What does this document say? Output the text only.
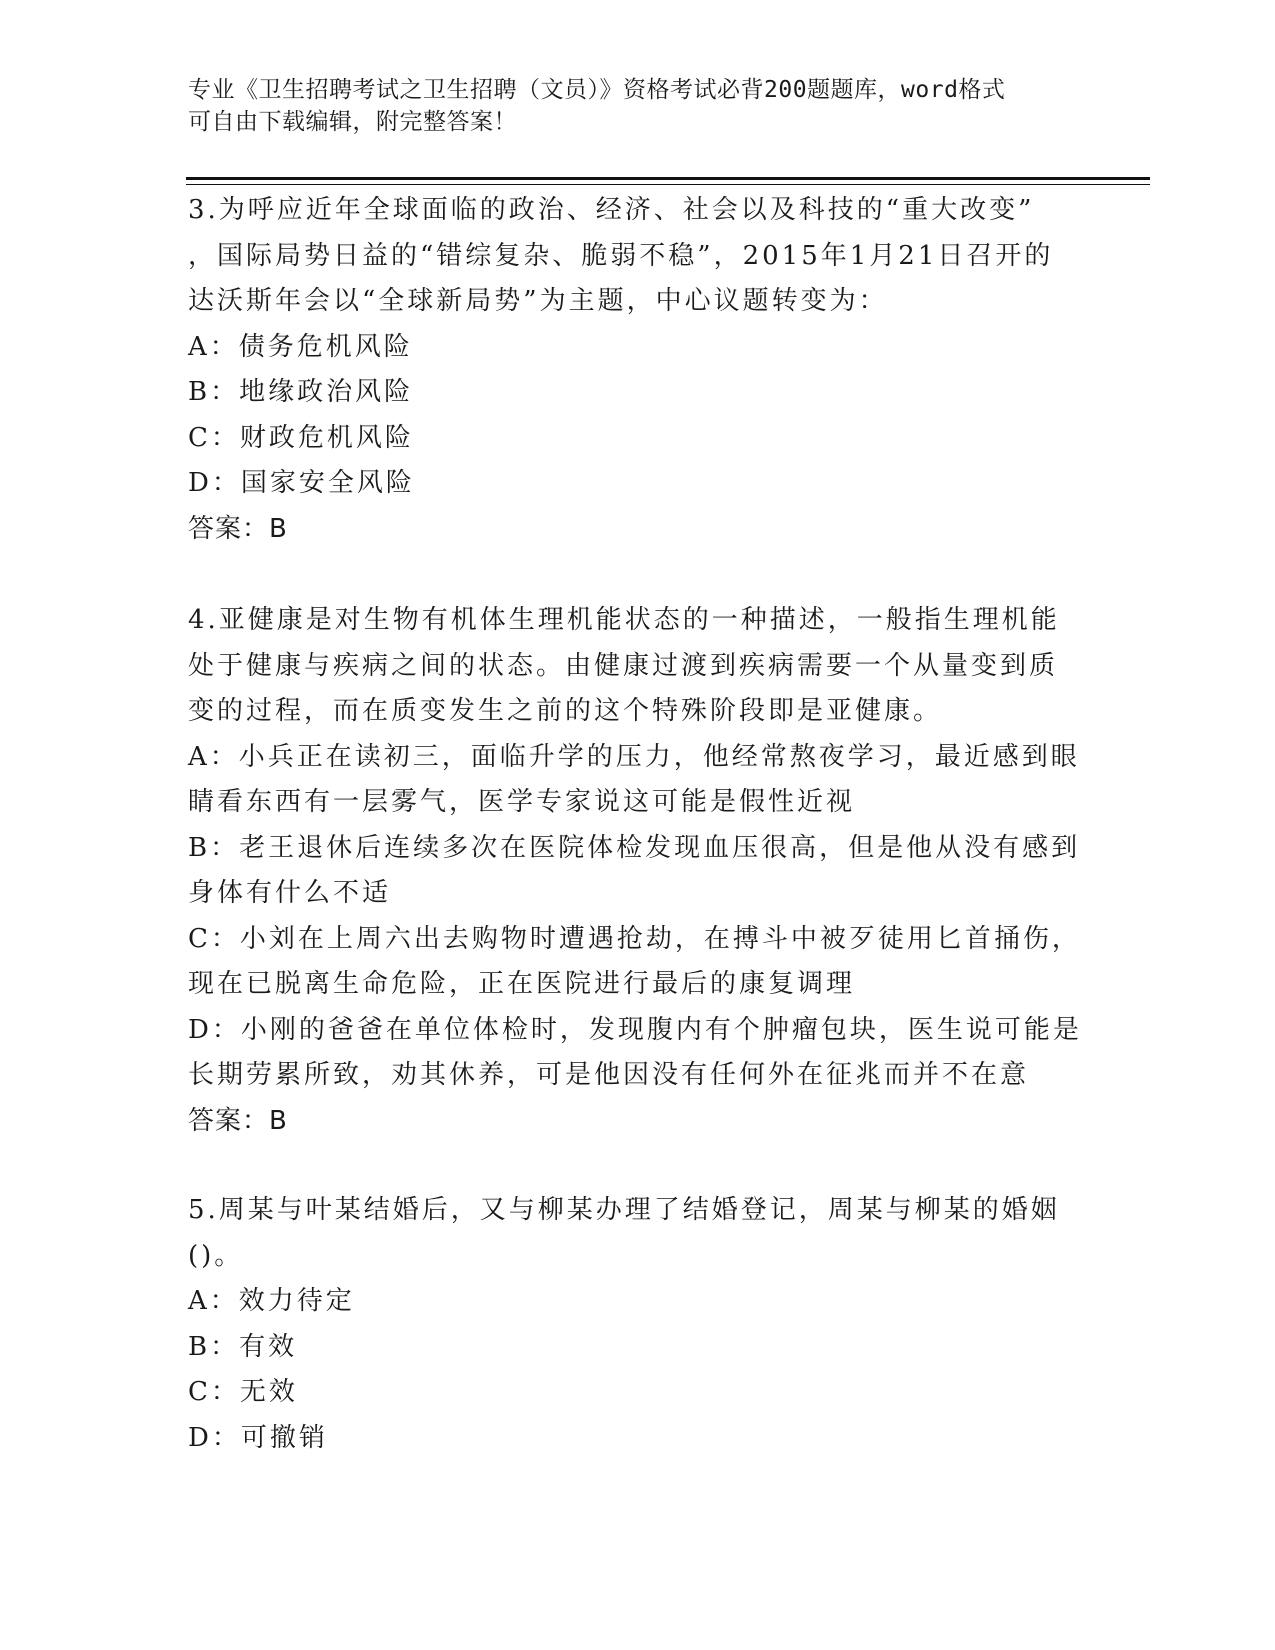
专业《卫生招聘考试之卫生招聘（文员）》资格考试必背200题题库，word格式
可自由下载编辑，附完整答案！
3.为呼应近年全球面临的政治、经济、社会以及科技的“重大改变”
，国际局势日益的“错综复杂、脆弱不稳”，2015年1月21日召开的
达沃斯年会以“全球新局势”为主题，中心议题转变为：
A：债务危机风险
B：地缘政治风险
C：财政危机风险
D：国家安全风险
答案：B
4.亚健康是对生物有机体生理机能状态的一种描述，一般指生理机能
处于健康与疾病之间的状态。由健康过渡到疾病需要一个从量变到质
变的过程，而在质变发生之前的这个特殊阶段即是亚健康。
A：小兵正在读初三，面临升学的压力，他经常熬夜学习，最近感到眼
睛看东西有一层雾气，医学专家说这可能是假性近视
B：老王退休后连续多次在医院体检发现血压很高，但是他从没有感到
身体有什么不适
C：小刘在上周六出去购物时遭遇抢劫，在搏斗中被歹徒用匕首捅伤，
现在已脱离生命危险，正在医院进行最后的康复调理
D：小刚的爸爸在单位体检时，发现腹内有个肿瘤包块，医生说可能是
长期劳累所致，劝其休养，可是他因没有任何外在征兆而并不在意
答案：B
5.周某与叶某结婚后，又与柳某办理了结婚登记，周某与柳某的婚姻
()。
A：效力待定
B：有效
C：无效
D：可撤销
